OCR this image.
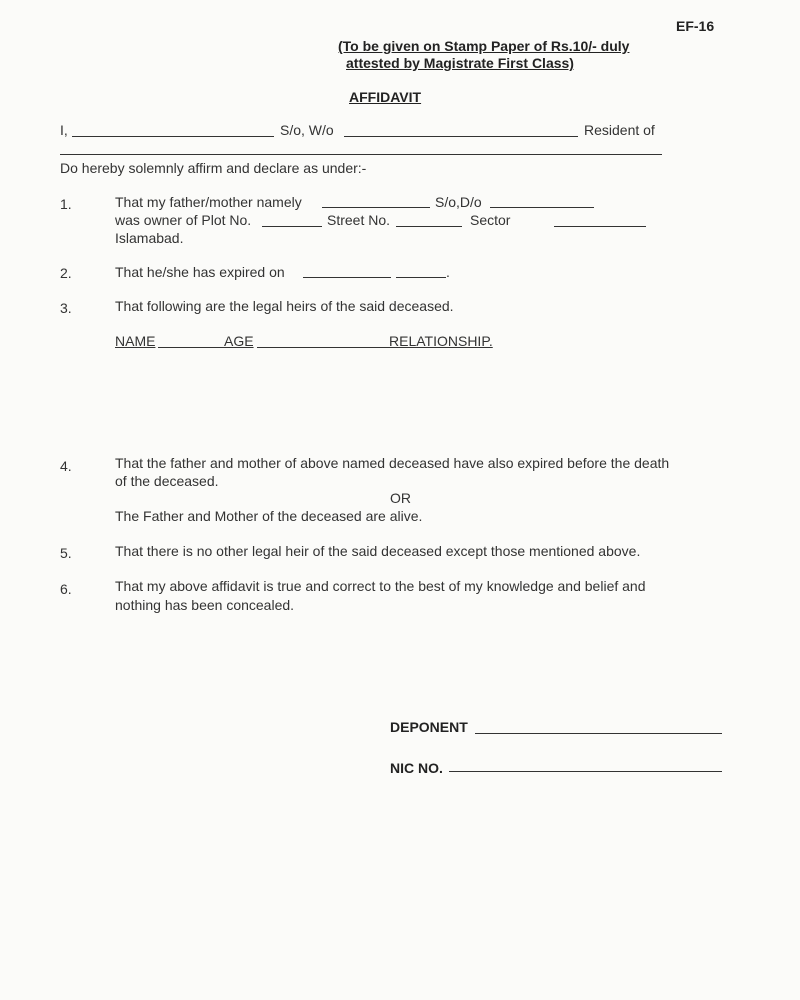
EF-16
(To be given on Stamp Paper of Rs.10/- duly
attested by Magistrate First Class)
AFFIDAVIT
I,	S/o, W/o	Resident of
Do hereby solemnly affirm and declare as under:-
1.	That my father/mother namely	S/o,D/o
was owner of Plot No.	Street No.	Sector
Islamabad.
2.	That he/she has expired on	.
3.	That following are the legal heirs of the said deceased.
NAME	AGE	RELATIONSHIP.
4.	That the father and mother of above named deceased have also expired before the death
of the deceased.
OR
The Father and Mother of the deceased are alive.
5.	That there is no other legal heir of the said deceased except those mentioned above.
6.	That my above affidavit is true and correct to the best of my knowledge and belief and
nothing has been concealed.
DEPONENT
NIC NO.
